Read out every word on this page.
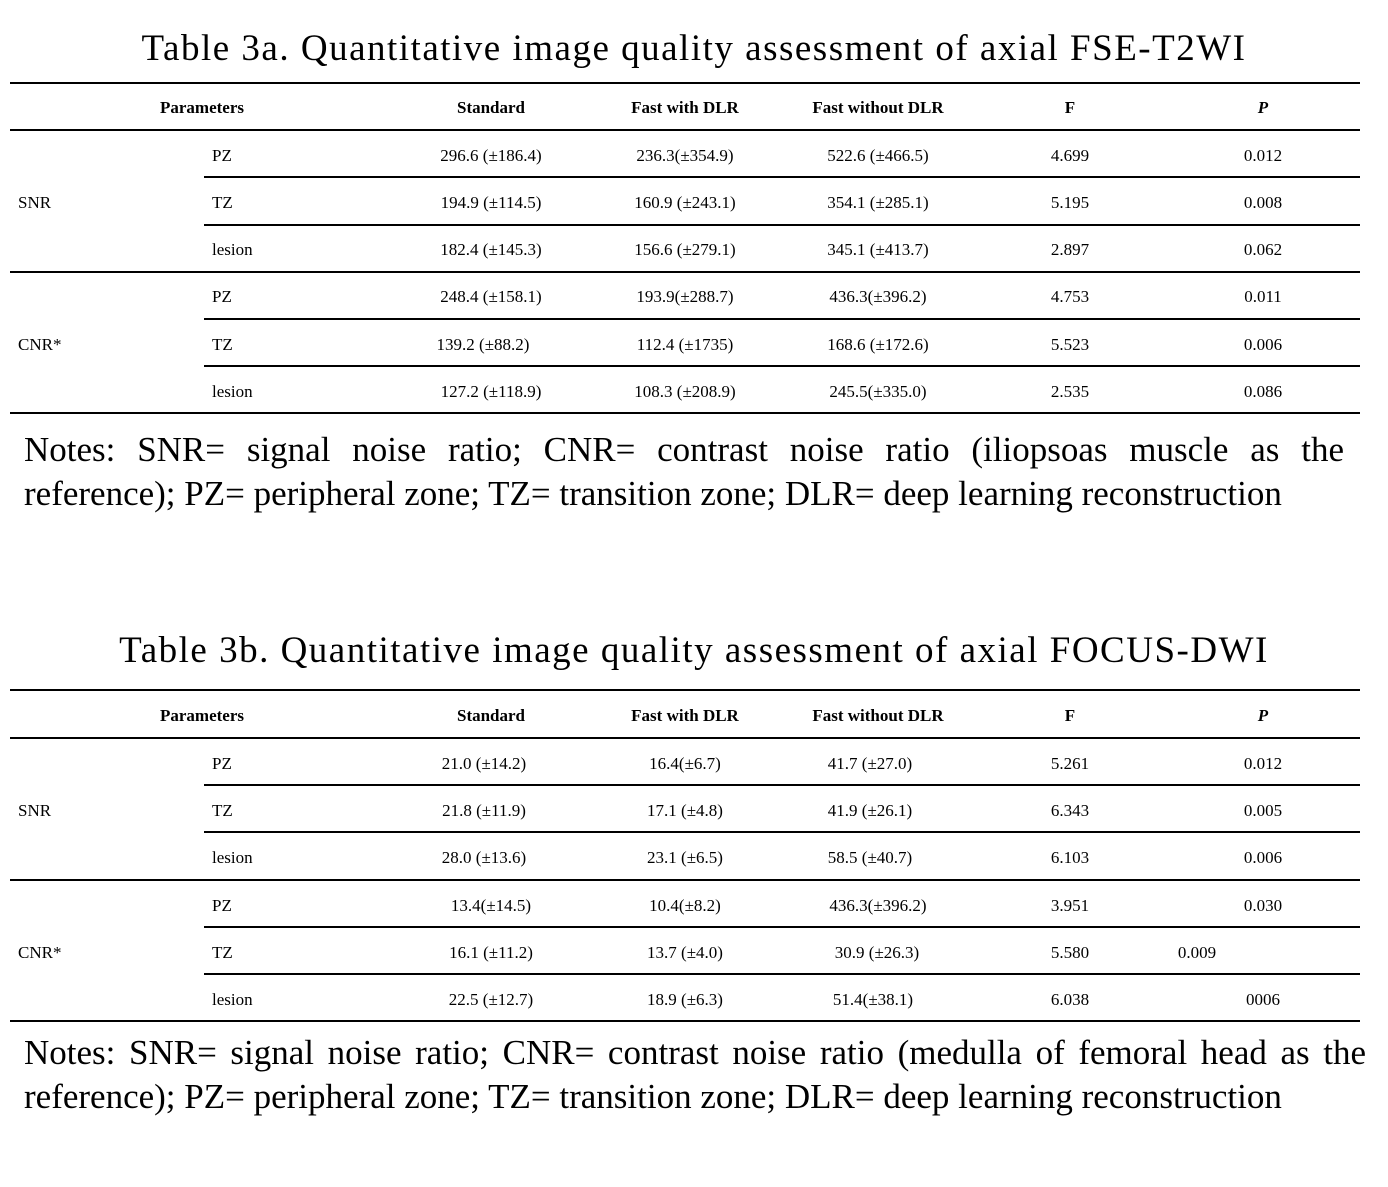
Table 3a. Quantitative image quality assessment of axial FSE-T2WI
Parameters	Standard	Fast with DLR	Fast without DLR	F	P
SNR
PZ	296.6 (±186.4)	236.3(±354.9)	522.6 (±466.5)	4.699	0.012
TZ	194.9 (±114.5)	160.9 (±243.1)	354.1 (±285.1)	5.195	0.008
lesion	182.4 (±145.3)	156.6 (±279.1)	345.1 (±413.7)	2.897	0.062
CNR*
PZ	248.4 (±158.1)	193.9(±288.7)	436.3(±396.2)	4.753	0.011
TZ	139.2 (±88.2)	112.4 (±1735)	168.6 (±172.6)	5.523	0.006
lesion	127.2 (±118.9)	108.3 (±208.9)	245.5(±335.0)	2.535	0.086
Notes: SNR= signal noise ratio; CNR= contrast noise ratio (iliopsoas muscle as the reference); PZ= peripheral zone; TZ= transition zone; DLR= deep learning reconstruction
Table 3b. Quantitative image quality assessment of axial FOCUS-DWI
Parameters	Standard	Fast with DLR	Fast without DLR	F	P
SNR
PZ	21.0 (±14.2)	16.4(±6.7)	41.7 (±27.0)	5.261	0.012
TZ	21.8 (±11.9)	17.1 (±4.8)	41.9 (±26.1)	6.343	0.005
lesion	28.0 (±13.6)	23.1 (±6.5)	58.5 (±40.7)	6.103	0.006
CNR*
PZ	13.4(±14.5)	10.4(±8.2)	436.3(±396.2)	3.951	0.030
TZ	16.1 (±11.2)	13.7 (±4.0)	30.9 (±26.3)	5.580	0.009
lesion	22.5 (±12.7)	18.9 (±6.3)	51.4(±38.1)	6.038	0006
Notes: SNR= signal noise ratio; CNR= contrast noise ratio (medulla of femoral head as the reference); PZ= peripheral zone; TZ= transition zone; DLR= deep learning reconstruction
